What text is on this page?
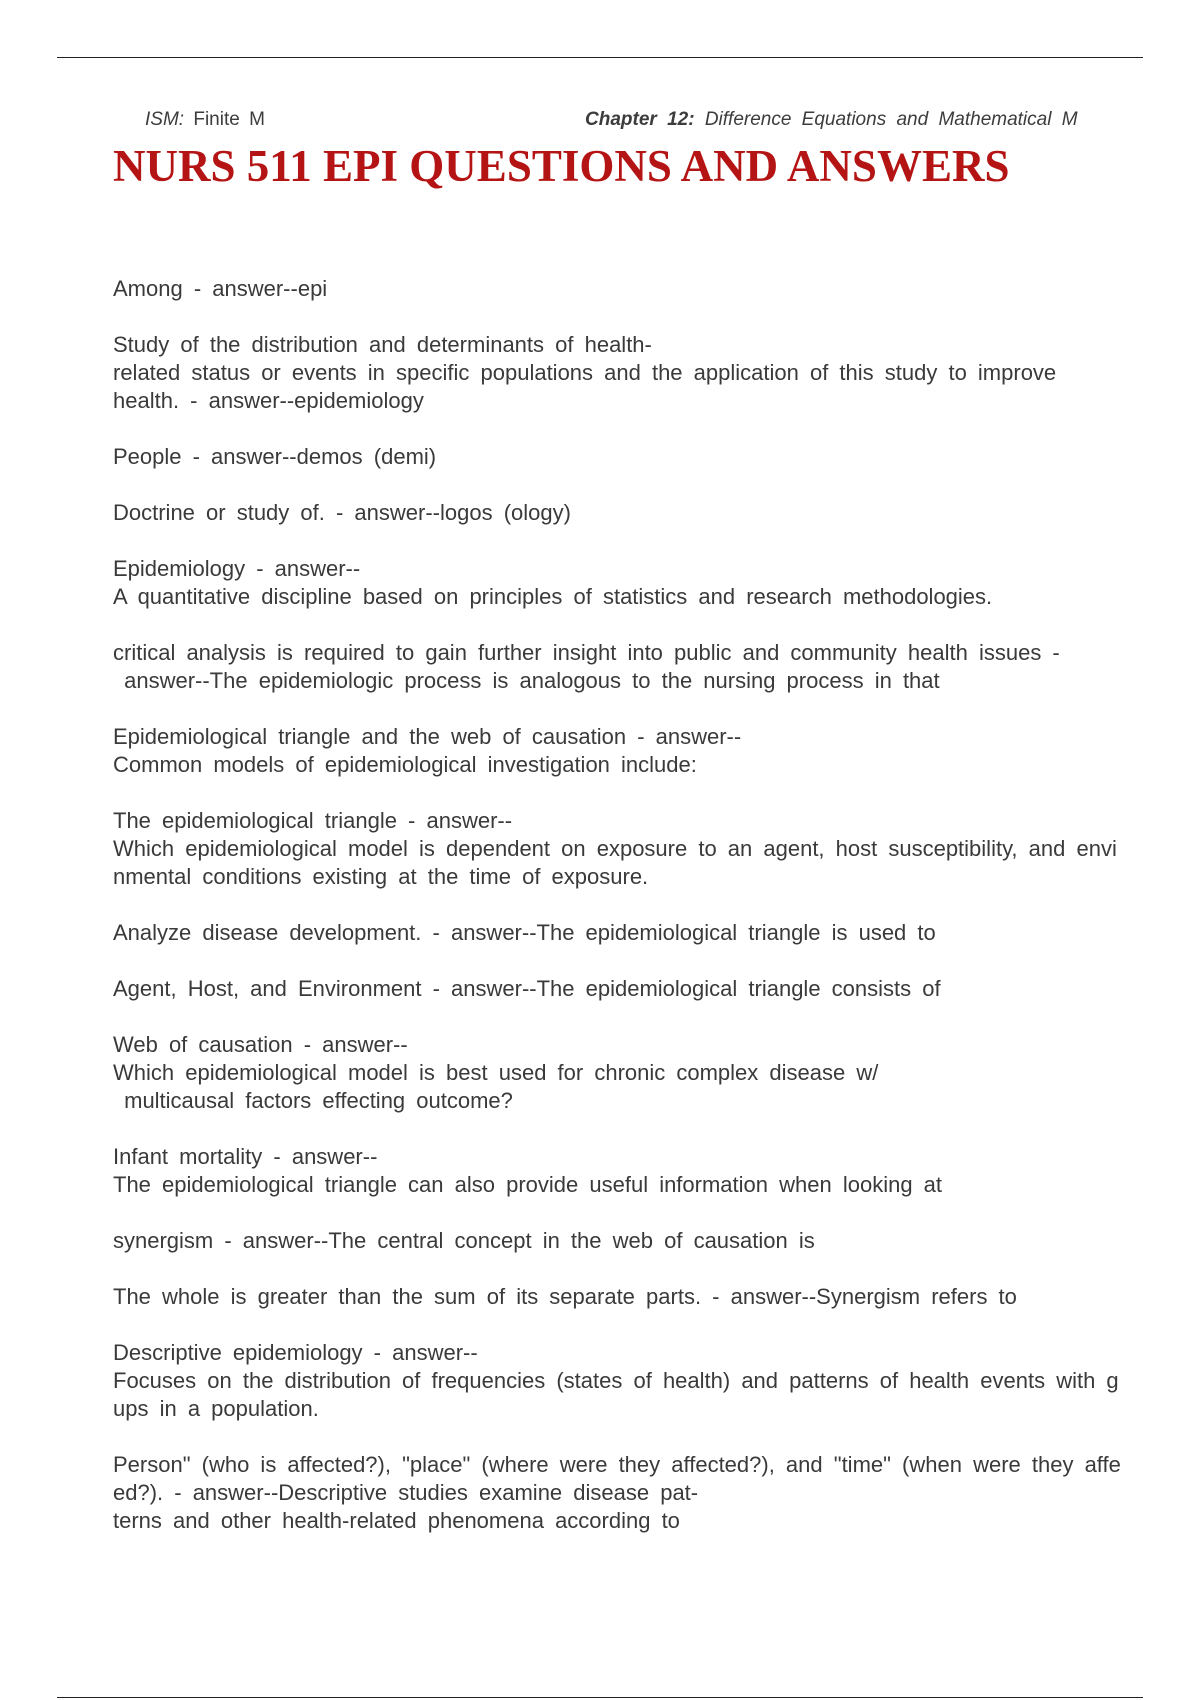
ISM: Finite M	Chapter 12: Difference Equations and Mathematical M
NURS 511 EPI QUESTIONS AND ANSWERS
Among - answer--epi
Study of the distribution and determinants of health-
related status or events in specific populations and the application of this study to improve
health. - answer--epidemiology
People - answer--demos (demi)
Doctrine or study of. - answer--logos (ology)
Epidemiology - answer--
A quantitative discipline based on principles of statistics and research methodologies.
critical analysis is required to gain further insight into public and community health issues -
answer--The epidemiologic process is analogous to the nursing process in that
Epidemiological triangle and the web of causation - answer--
Common models of epidemiological investigation include:
The epidemiological triangle - answer--
Which epidemiological model is dependent on exposure to an agent, host susceptibility, and envi
nmental conditions existing at the time of exposure.
Analyze disease development. - answer--The epidemiological triangle is used to
Agent, Host, and Environment - answer--The epidemiological triangle consists of
Web of causation - answer--
Which epidemiological model is best used for chronic complex disease w/
multicausal factors effecting outcome?
Infant mortality - answer--
The epidemiological triangle can also provide useful information when looking at
synergism - answer--The central concept in the web of causation is
The whole is greater than the sum of its separate parts. - answer--Synergism refers to
Descriptive epidemiology - answer--
Focuses on the distribution of frequencies (states of health) and patterns of health events with g
ups in a population.
Person" (who is affected?), "place" (where were they affected?), and "time" (when were they affe
ed?). - answer--Descriptive studies examine disease pat-
terns and other health-related phenomena according to
